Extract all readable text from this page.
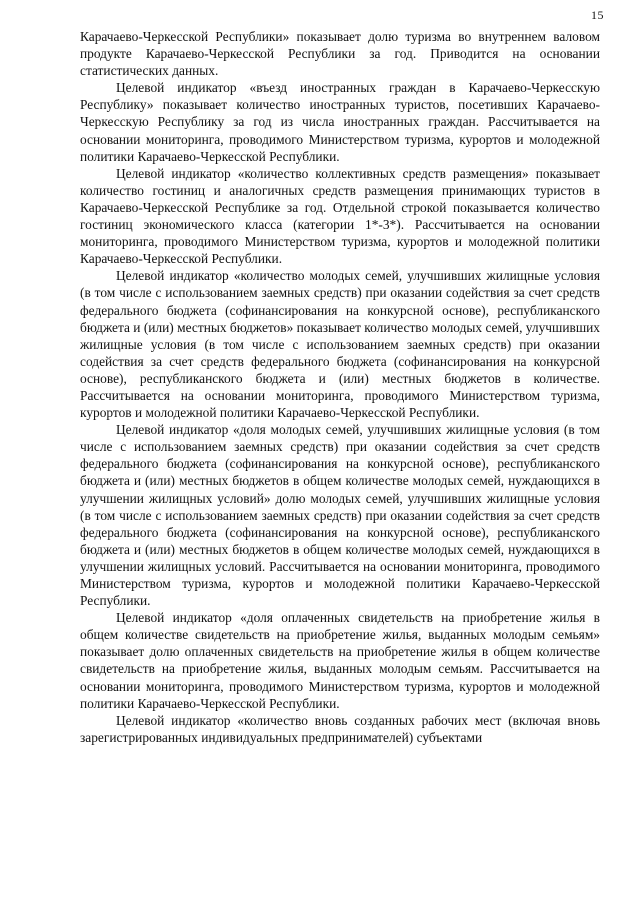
15

Карачаево-Черкесской Республики» показывает долю туризма во внутреннем валовом продукте Карачаево-Черкесской Республики за год. Приводится на основании статистических данных.

Целевой индикатор «въезд иностранных граждан в Карачаево-Черкесскую Республику» показывает количество иностранных туристов, посетивших Карачаево-Черкесскую Республику за год из числа иностранных граждан. Рассчитывается на основании мониторинга, проводимого Министерством туризма, курортов и молодежной политики Карачаево-Черкесской Республики.

Целевой индикатор «количество коллективных средств размещения» показывает количество гостиниц и аналогичных средств размещения принимающих туристов в Карачаево-Черкесской Республике за год. Отдельной строкой показывается количество гостиниц экономического класса (категории 1*-3*). Рассчитывается на основании мониторинга, проводимого Министерством туризма, курортов и молодежной политики Карачаево-Черкесской Республики.

Целевой индикатор «количество молодых семей, улучшивших жилищные условия (в том числе с использованием заемных средств) при оказании содействия за счет средств федерального бюджета (софинансирования на конкурсной основе), республиканского бюджета и (или) местных бюджетов» показывает количество молодых семей, улучшивших жилищные условия (в том числе с использованием заемных средств) при оказании содействия за счет средств федерального бюджета (софинансирования на конкурсной основе), республиканского бюджета и (или) местных бюджетов в количестве. Рассчитывается на основании мониторинга, проводимого Министерством туризма, курортов и молодежной политики Карачаево-Черкесской Республики.

Целевой индикатор «доля молодых семей, улучшивших жилищные условия (в том числе с использованием заемных средств) при оказании содействия за счет средств федерального бюджета (софинансирования на конкурсной основе), республиканского бюджета и (или) местных бюджетов в общем количестве молодых семей, нуждающихся в улучшении жилищных условий» долю молодых семей, улучшивших жилищные условия (в том числе с использованием заемных средств) при оказании содействия за счет средств федерального бюджета (софинансирования на конкурсной основе), республиканского бюджета и (или) местных бюджетов в общем количестве молодых семей, нуждающихся в улучшении жилищных условий. Рассчитывается на основании мониторинга, проводимого Министерством туризма, курортов и молодежной политики Карачаево-Черкесской Республики.

Целевой индикатор «доля оплаченных свидетельств на приобретение жилья в общем количестве свидетельств на приобретение жилья, выданных молодым семьям» показывает долю оплаченных свидетельств на приобретение жилья в общем количестве свидетельств на приобретение жилья, выданных молодым семьям. Рассчитывается на основании мониторинга, проводимого Министерством туризма, курортов и молодежной политики Карачаево-Черкесской Республики.

Целевой индикатор «количество вновь созданных рабочих мест (включая вновь зарегистрированных индивидуальных предпринимателей) субъектами
